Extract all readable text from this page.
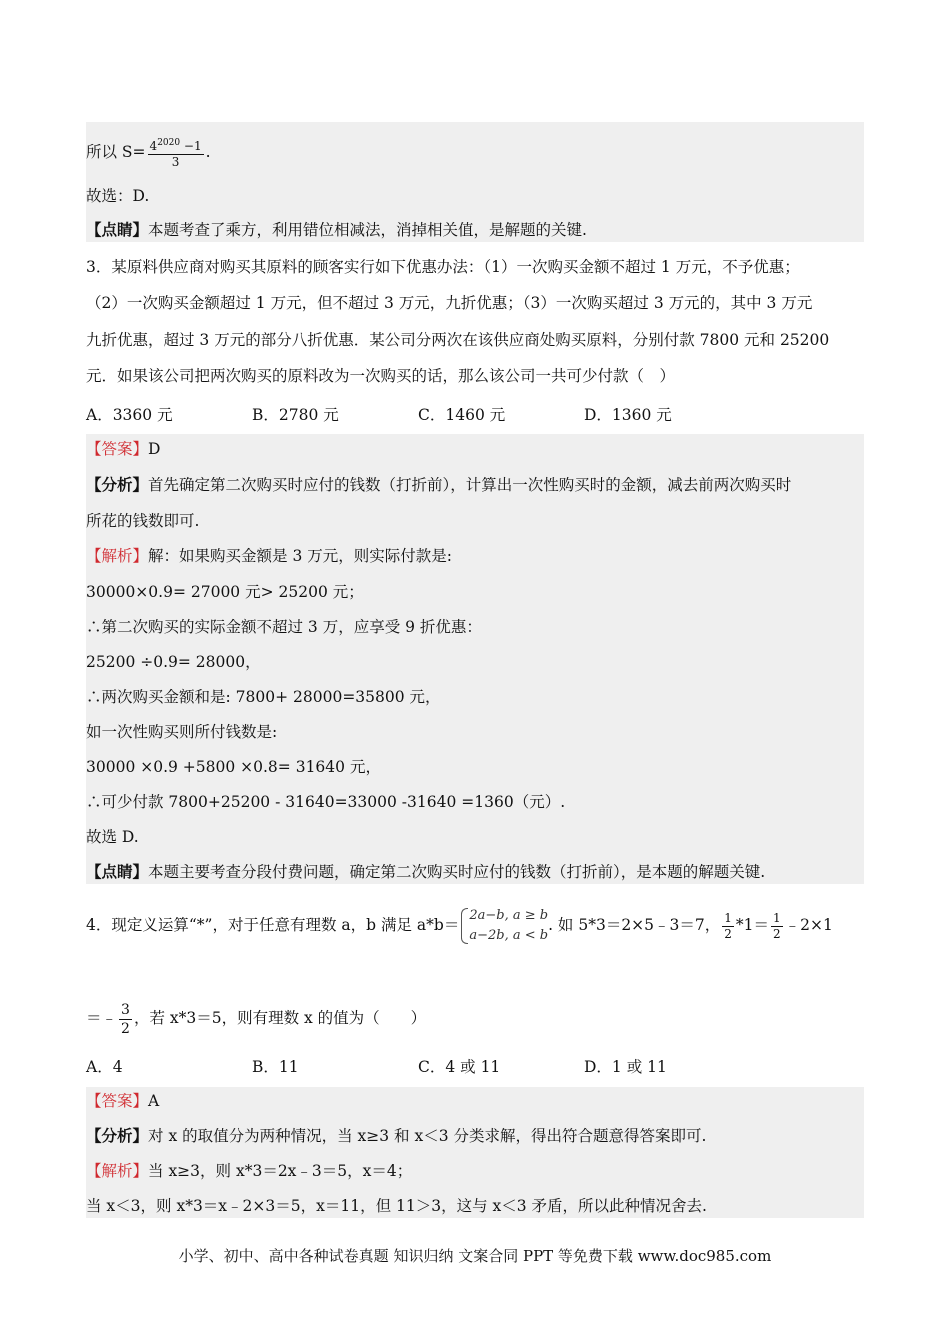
所以 $S= \frac{4^{2020} -1}{3}$ .
故选：D.
【点睛】本题考查了乘方，利用错位相减法，消掉相关值，是解题的关键.
3．某原料供应商对购买其原料的顾客实行如下优惠办法：（1）一次购买金额不超过 1 万元，不予优惠；
（2）一次购买金额超过 1 万元，但不超过 3 万元，九折优惠；（3）一次购买超过 3 万元的，其中 3 万元
九折优惠，超过 3 万元的部分八折优惠．某公司分两次在该供应商处购买原料，分别付款 7800 元和 25200
元．如果该公司把两次购买的原料改为一次购买的话，那么该公司一共可少付款（　）
A．3360 元	B．2780 元	C．1460 元	D．1360 元
【答案】D
【分析】首先确定第二次购买时应付的钱数（打折前），计算出一次性购买时的金额，减去前两次购买时
所花的钱数即可.
【解析】解：如果购买金额是 3 万元，则实际付款是:
30000×0.9= 27000 元> 25200 元；
∴第二次购买的实际金额不超过 3 万，应享受 9 折优惠：
25200 ÷0.9= 28000，
∴两次购买金额和是: 7800+ 28000=35800 元，
如一次性购买则所付钱数是:
30000 ×0.9 +5800 ×0.8= 31640 元，
∴可少付款 7800+25200 - 31640=33000 -31640 =1360（元）.
故选 D.
【点睛】本题主要考查分段付费问题，确定第二次购买时应付的钱数（打折前），是本题的解题关键.
4．现定义运算“*”，对于任意有理数 a，b 满足 a*b＝
2a−b, a ≥ b
a−2b, a < b
. 如 5*3＝2×5﹣3＝7， $\frac{1}{2} *1= \frac{1}{2}$ ﹣2×1
＝﹣ $\frac{3}{2}$ ，若 x*3＝5，则有理数 x 的值为（　　）
A．4	B．11	C．4 或 11	D．1 或 11
【答案】A
【分析】对 x 的取值分为两种情况，当 x≥3 和 x＜3 分类求解，得出符合题意得答案即可.
【解析】当 x≥3，则 x*3＝2x﹣3＝5，x＝4；
当 x＜3，则 x*3＝x﹣2×3＝5，x＝11，但 11＞3，这与 x＜3 矛盾，所以此种情况舍去.
小学、初中、高中各种试卷真题 知识归纳 文案合同 PPT 等免费下载 www.doc985.com
